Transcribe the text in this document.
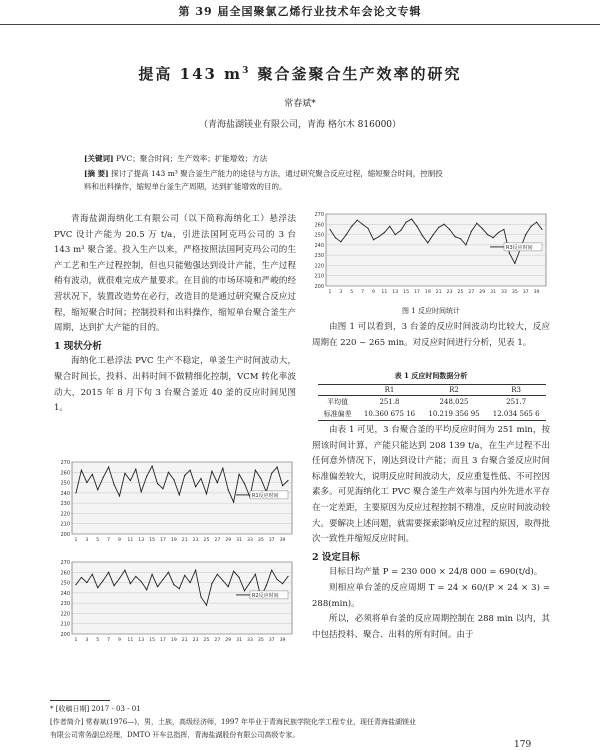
第 39 届全国聚氯乙烯行业技术年会论文专辑
提高 143 $m^3$ 聚合釜聚合生产效率的研究
常春斌*
（青海盐湖镁业有限公司，青海 格尔木 816000）
[关键词] PVC；聚合时间；生产效率；扩能增效；方法
[摘 要] 探讨了提高 143 m³ 聚合釜生产能力的途径与方法，通过研究聚合反应过程，缩短聚合时间，控制投
料和出料操作，缩短单台釜生产周期，达到扩能增效的目的。

青海盐湖海纳化工有限公司（以下简称海纳化工）悬浮法 PVC 设计产能为 20.5 万 t/a，引进法国阿克玛公司的 3 台 143 m³ 聚合釜。投入生产以来，严格按照法国阿克玛公司的生产工艺和生产过程控制，但也只能勉强达到设计产能，生产过程稍有波动，就很难完成产量要求。在目前的市场环境和严峻的经营状况下，装置改造势在必行，改造目的是通过研究聚合反应过程，缩短聚合时间；控制投料和出料操作，缩短单台聚合釜生产周期，达到扩大产能的目的。

1 现状分析

海纳化工悬浮法 PVC 生产不稳定，单釜生产时间波动大，聚合时间长，投料、出料时间不做精细化控制，VCM 转化率波动大，2015 年 8 月下旬 3 台聚合釜近 40 釜的反应时间见图 1。

270
260
250
240
230
220
210
200
1 3 5 7 9 11 13 15 17 19 21 23 25 27 29 31 33 35 37 39
R1反应时间
270
260
250
240
230
220
210
200
1 3 5 7 9 11 13 15 17 19 21 23 25 27 29 31 33 35 37 39
R2反应时间
270
260
250
240
230
220
210
200
1 3 5 7 9 11 13 15 17 19 21 23 25 27 29 31 33 35 37 39
R3反应时间
图 1 反应时间统计

由图 1 可以看到，3 台釜的反应时间波动均比较大，反应周期在 220 ~ 265 min。对反应时间进行分析，见表 1。

表 1 反应时间数据分析
	R1	R2	R3
平均值	251.8	248.025	251.7
标准偏差	10.360 675 16	10.219 356 95	12.034 565 6

由表 1 可见，3 台聚合釜的平均反应时间为 251 min，按照该时间计算，产能只能达到 208 139 t/a，在生产过程不出任何意外情况下，刚达到设计产能；而且 3 台聚合釜反应时间标准偏差较大，说明反应时间波动大，反应重复性低、不可控因素多。可见海纳化工 PVC 聚合釜生产效率与国内外先进水平存在一定差距，主要原因为反应过程控制不精准，反应时间波动较大。要解决上述问题，就需要探索影响反应过程的原因，取得批次一致性并缩短反应时间。

2 设定目标

目标日均产量 P = 230 000 × 24/8 000 = 690(t/d)。

则相应单台釜的反应周期 T = 24 × 60/(P × 24 × 3) = 288(min)。

所以，必须将单台釜的反应周期控制在 288 min 以内，其中包括投料、聚合、出料的所有时间。由于

* [收稿日期] 2017 - 03 - 01
[作者简介] 常春斌(1976—)，男，土族，高级经济师，1997 年毕业于青海民族学院化学工程专业，现任青海盐湖镁业
有限公司常务副总经理，DMTO 开车总指挥，青海盐湖股份有限公司高级专家。
179
